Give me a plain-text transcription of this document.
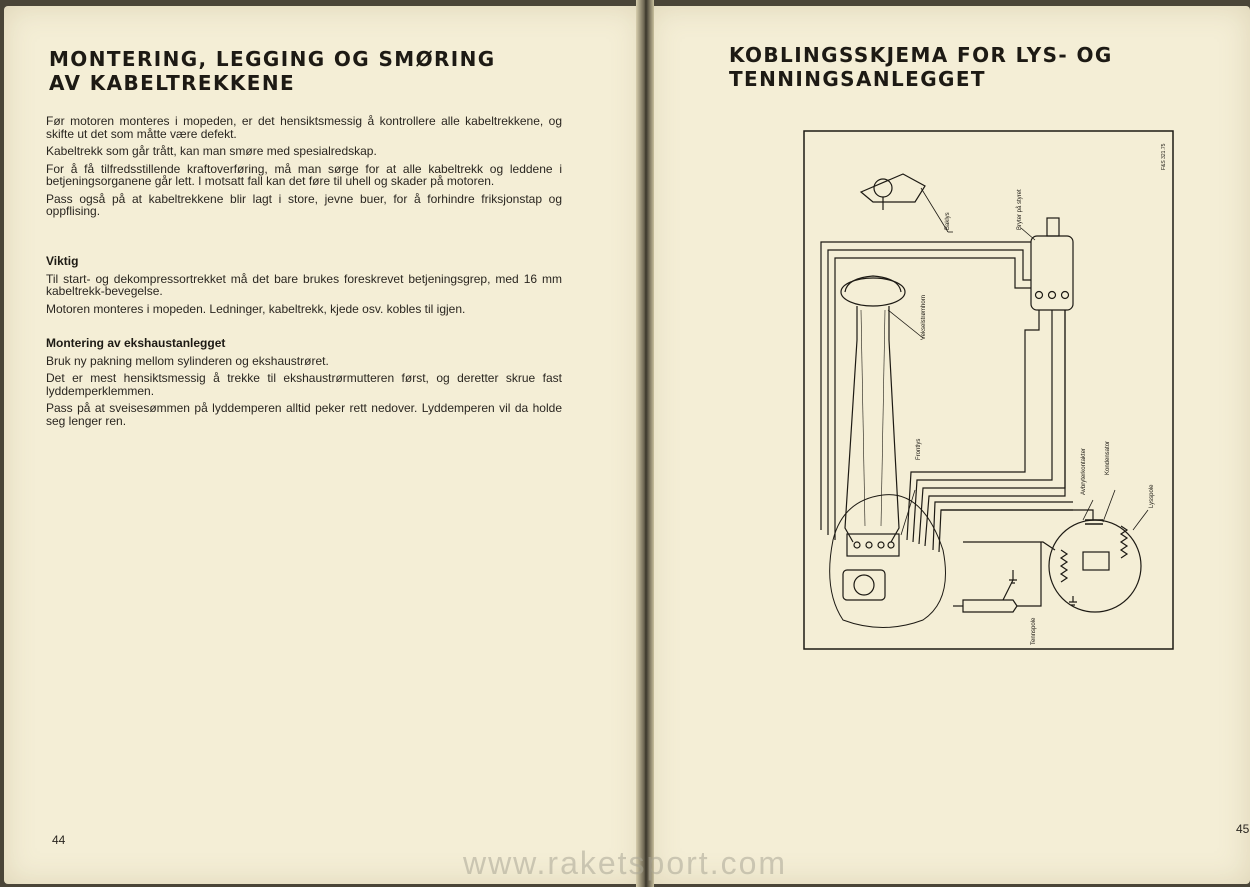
MONTERING, LEGGING OG SMØRING
AV KABELTREKKENE

Før motoren monteres i mopeden, er det hensiktsmessig å kontrollere alle kabeltrekkene, og skifte ut det som måtte være defekt.

Kabeltrekk som går trått, kan man smøre med spesialredskap.

For å få tilfredsstillende kraftoverføring, må man sørge for at alle kabeltrekk og leddene i betjeningsorganene går lett. I motsatt fall kan det føre til uhell og skader på motoren.

Pass også på at kabeltrekkene blir lagt i store, jevne buer, for å forhindre friksjonstap og oppflising.

Viktig

Til start- og dekompressortrekket må det bare brukes foreskrevet betjeningsgrep, med 16 mm kabeltrekk-bevegelse.

Motoren monteres i mopeden. Ledninger, kabeltrekk, kjede osv. kobles til igjen.

Montering av ekshaustanlegget

Bruk ny pakning mellom sylinderen og ekshaustrøret.

Det er mest hensiktsmessig å trekke til ekshaustrørmutteren først, og deretter skrue fast lyddemperklemmen.

Pass på at sveisesømmen på lyddemperen alltid peker rett nedover. Lyddemperen vil da holde seg lenger ren.

44
KOBLINGSSKJEMA FOR LYS- OG
TENNINGSANLEGGET
Baklys	Bryter på styret
Vekselstrømhorn
Frontlys	Avbryterkontakter	Kondensator
Lysspole
Tennspole
F&S 321.75
45
www.raketsport.com
